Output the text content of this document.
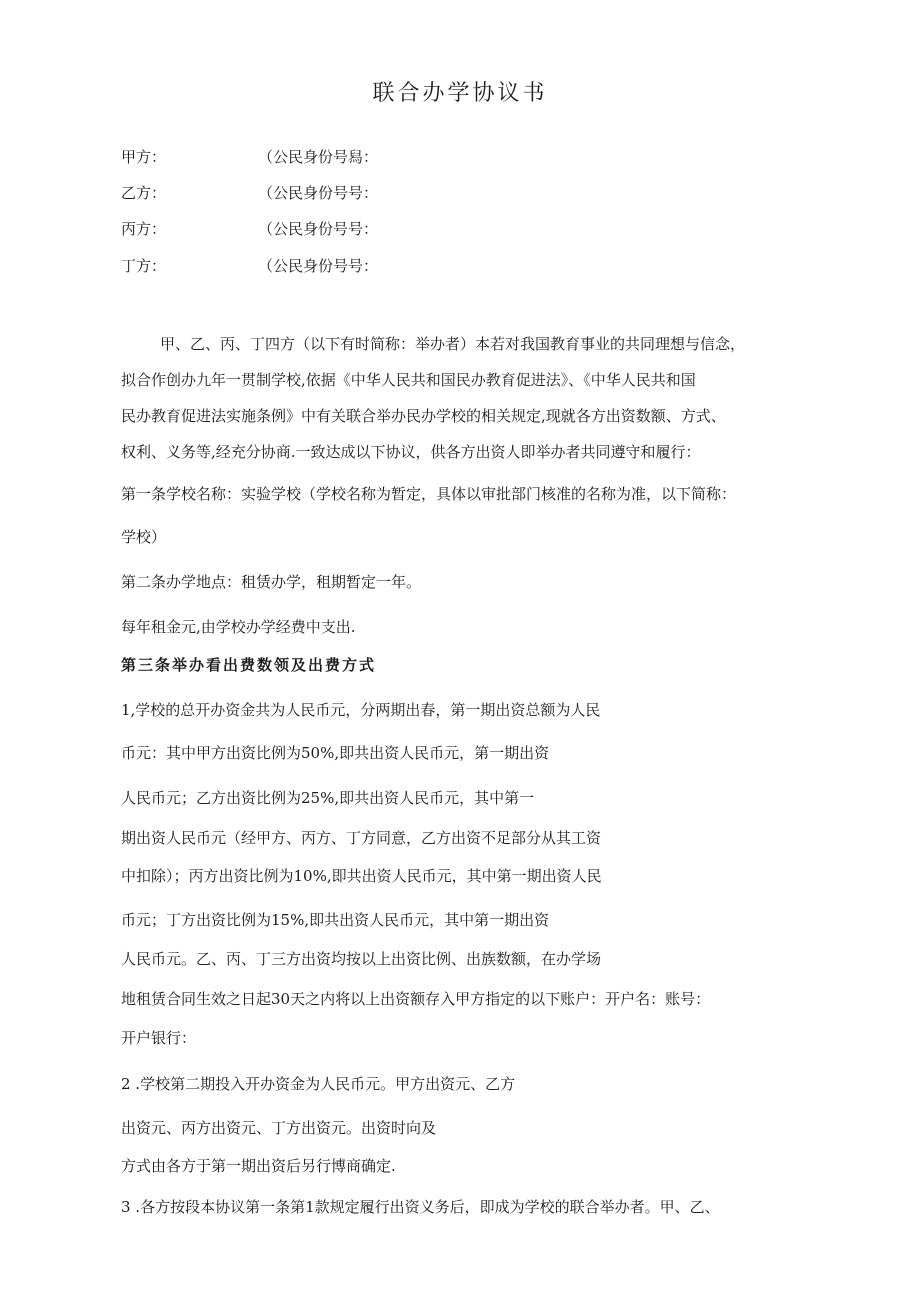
联合办学协议书
甲方：	（公民身份号舄：
乙方：	（公民身份号号：
丙方：	（公民身份号号：
丁方：	（公民身份号号：
甲、乙、丙、丁四方（以下有时简称：举办者）本若对我国教育事业的共同理想与信念，
拟合作创办九年一贯制学校,依据《中华人民共和国民办教育促进法》、《中华人民共和国
民办教育促进法实施条例》中有关联合举办民办学校的相关规定,现就各方出资数额、方式、
权利、义务等,经充分协商.一致达成以下协议，供各方出资人即举办者共同遵守和履行：
第一条学校名称：实验学校（学校名称为暂定，具体以审批部门核准的名称为准，以下简称：
学校）
第二条办学地点：租赁办学，租期暂定一年。
每年租金元,由学校办学经费中支出.
第三条举办看出费数领及出费方式
1,学校的总开办资金共为人民币元，分两期出春，第一期出资总额为人民
币元：其中甲方出资比例为50%,即共出资人民币元，第一期出资
人民币元；乙方出资比例为25%,即共出资人民币元，其中第一
期出资人民币元（经甲方、丙方、丁方同意，乙方出资不足部分从其工资
中扣除）；丙方出资比例为10%,即共出资人民币元，其中第一期出资人民
币元；丁方出资比例为15%,即共出资人民币元，其中第一期出资
人民币元。乙、丙、丁三方出资均按以上出资比例、出族数额，在办学场
地租赁合同生效之日起30天之内将以上出资额存入甲方指定的以下账户：开户名：账号：
开户银行：
2 .学校第二期投入开办资金为人民币元。甲方出资元、乙方
出资元、丙方出资元、丁方出资元。出资时向及
方式由各方于第一期出资后另行博商确定.
3 .各方按段本协议第一条第1款规定履行出资义务后，即成为学校的联合举办者。甲、乙、
